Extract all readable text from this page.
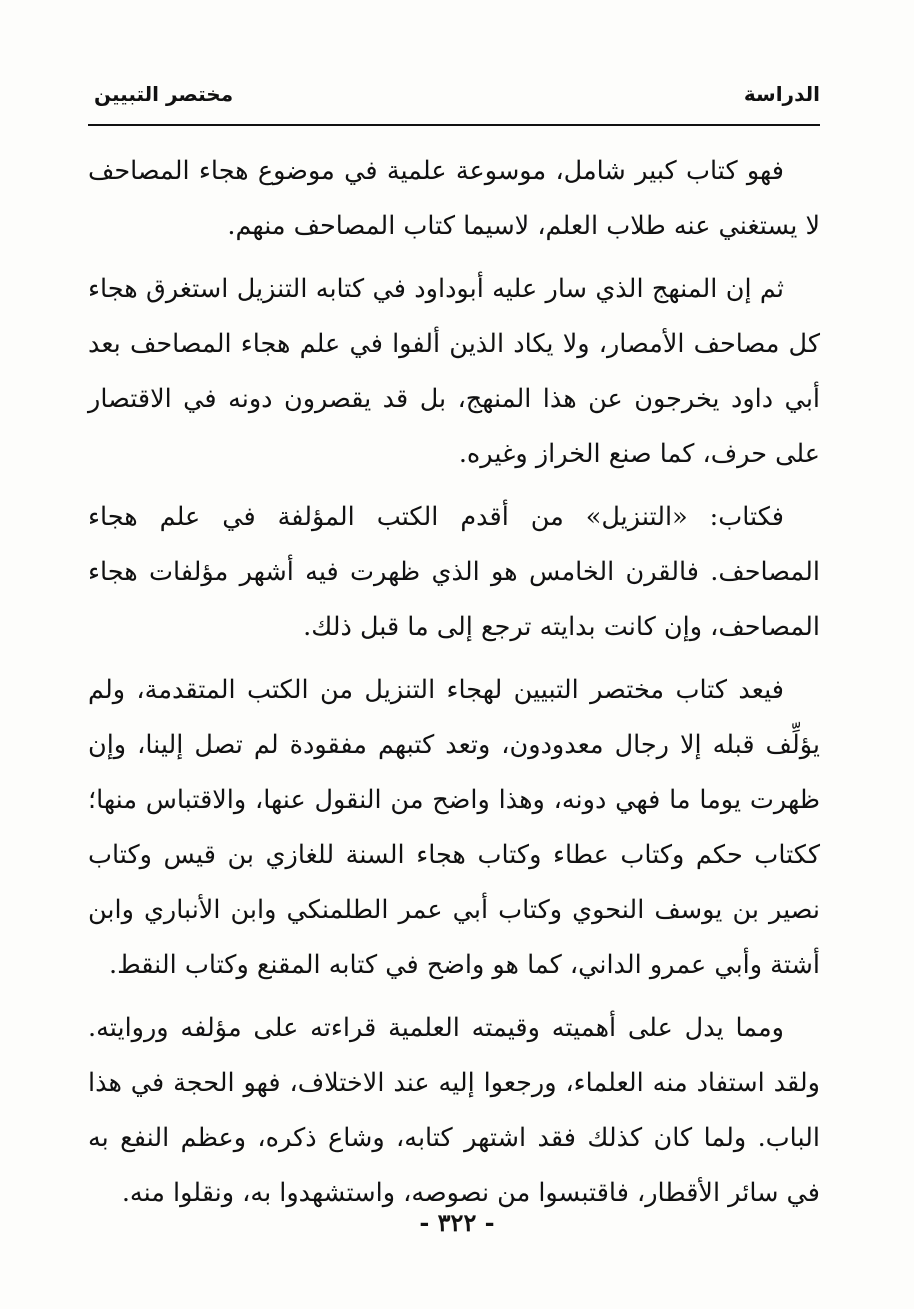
الدراسة
مختصر التبيين

فهو كتاب كبير شامل، موسوعة علمية في موضوع هجاء المصاحف لا يستغني عنه طلاب العلم، لاسيما كتاب المصاحف منهم.

ثم إن المنهج الذي سار عليه أبوداود في كتابه التنزيل استغرق هجاء كل مصاحف الأمصار، ولا يكاد الذين ألفوا في علم هجاء المصاحف بعد أبي داود يخرجون عن هذا المنهج، بل قد يقصرون دونه في الاقتصار على حرف، كما صنع الخراز وغيره.

فكتاب: «التنزيل» من أقدم الكتب المؤلفة في علم هجاء المصاحف. فالقرن الخامس هو الذي ظهرت فيه أشهر مؤلفات هجاء المصاحف، وإن كانت بدايته ترجع إلى ما قبل ذلك.

فيعد كتاب مختصر التبيين لهجاء التنزيل من الكتب المتقدمة، ولم يؤلِّف قبله إلا رجال معدودون، وتعد كتبهم مفقودة لم تصل إلينا، وإن ظهرت يوما ما فهي دونه، وهذا واضح من النقول عنها، والاقتباس منها؛ ككتاب حكم وكتاب عطاء وكتاب هجاء السنة للغازي بن قيس وكتاب نصير بن يوسف النحوي وكتاب أبي عمر الطلمنكي وابن الأنباري وابن أشتة وأبي عمرو الداني، كما هو واضح في كتابه المقنع وكتاب النقط.

ومما يدل على أهميته وقيمته العلمية قراءته على مؤلفه وروايته. ولقد استفاد منه العلماء، ورجعوا إليه عند الاختلاف، فهو الحجة في هذا الباب. ولما كان كذلك فقد اشتهر كتابه، وشاع ذكره، وعظم النفع به في سائر الأقطار، فاقتبسوا من نصوصه، واستشهدوا به، ونقلوا منه.

- ٣٢٢ -
